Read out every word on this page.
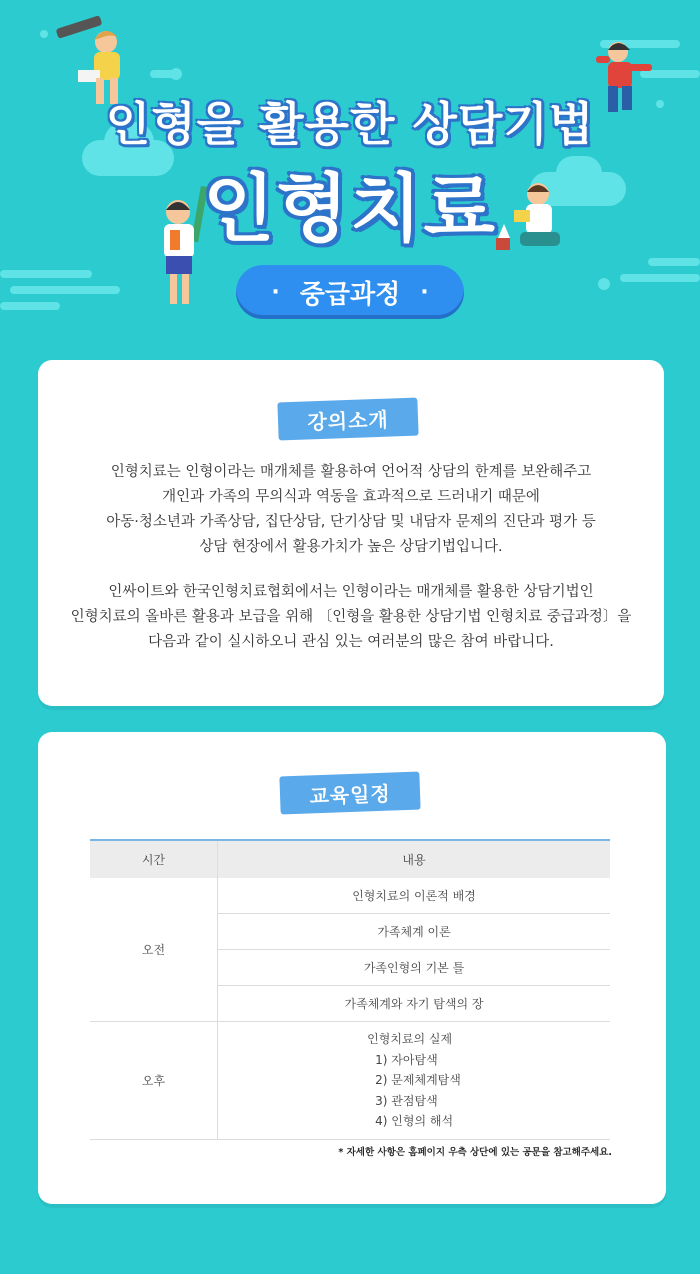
인형을 활용한 상담기법
인형치료
· 중급과정 ·
강의소개
인형치료는 인형이라는 매개체를 활용하여 언어적 상담의 한계를 보완해주고
개인과 가족의 무의식과 역동을 효과적으로 드러내기 때문에
아동·청소년과 가족상담, 집단상담, 단기상담 및 내담자 문제의 진단과 평가 등
상담 현장에서 활용가치가 높은 상담기법입니다.
인싸이트와 한국인형치료협회에서는 인형이라는 매개체를 활용한 상담기법인
인형치료의 올바른 활용과 보급을 위해 〔인형을 활용한 상담기법 인형치료 중급과정〕을
다음과 같이 실시하오니 관심 있는 여러분의 많은 참여 바랍니다.
교육일정
시간	내용
오전	인형치료의 이론적 배경
	가족체계 이론
	가족인형의 기본 틀
	가족체계와 자기 탐색의 장
오후	인형치료의 실제
1) 자아탐색
2) 문제체계탐색
3) 관점탐색
4) 인형의 해석
* 자세한 사항은 홈페이지 우측 상단에 있는 공문을 참고해주세요.
